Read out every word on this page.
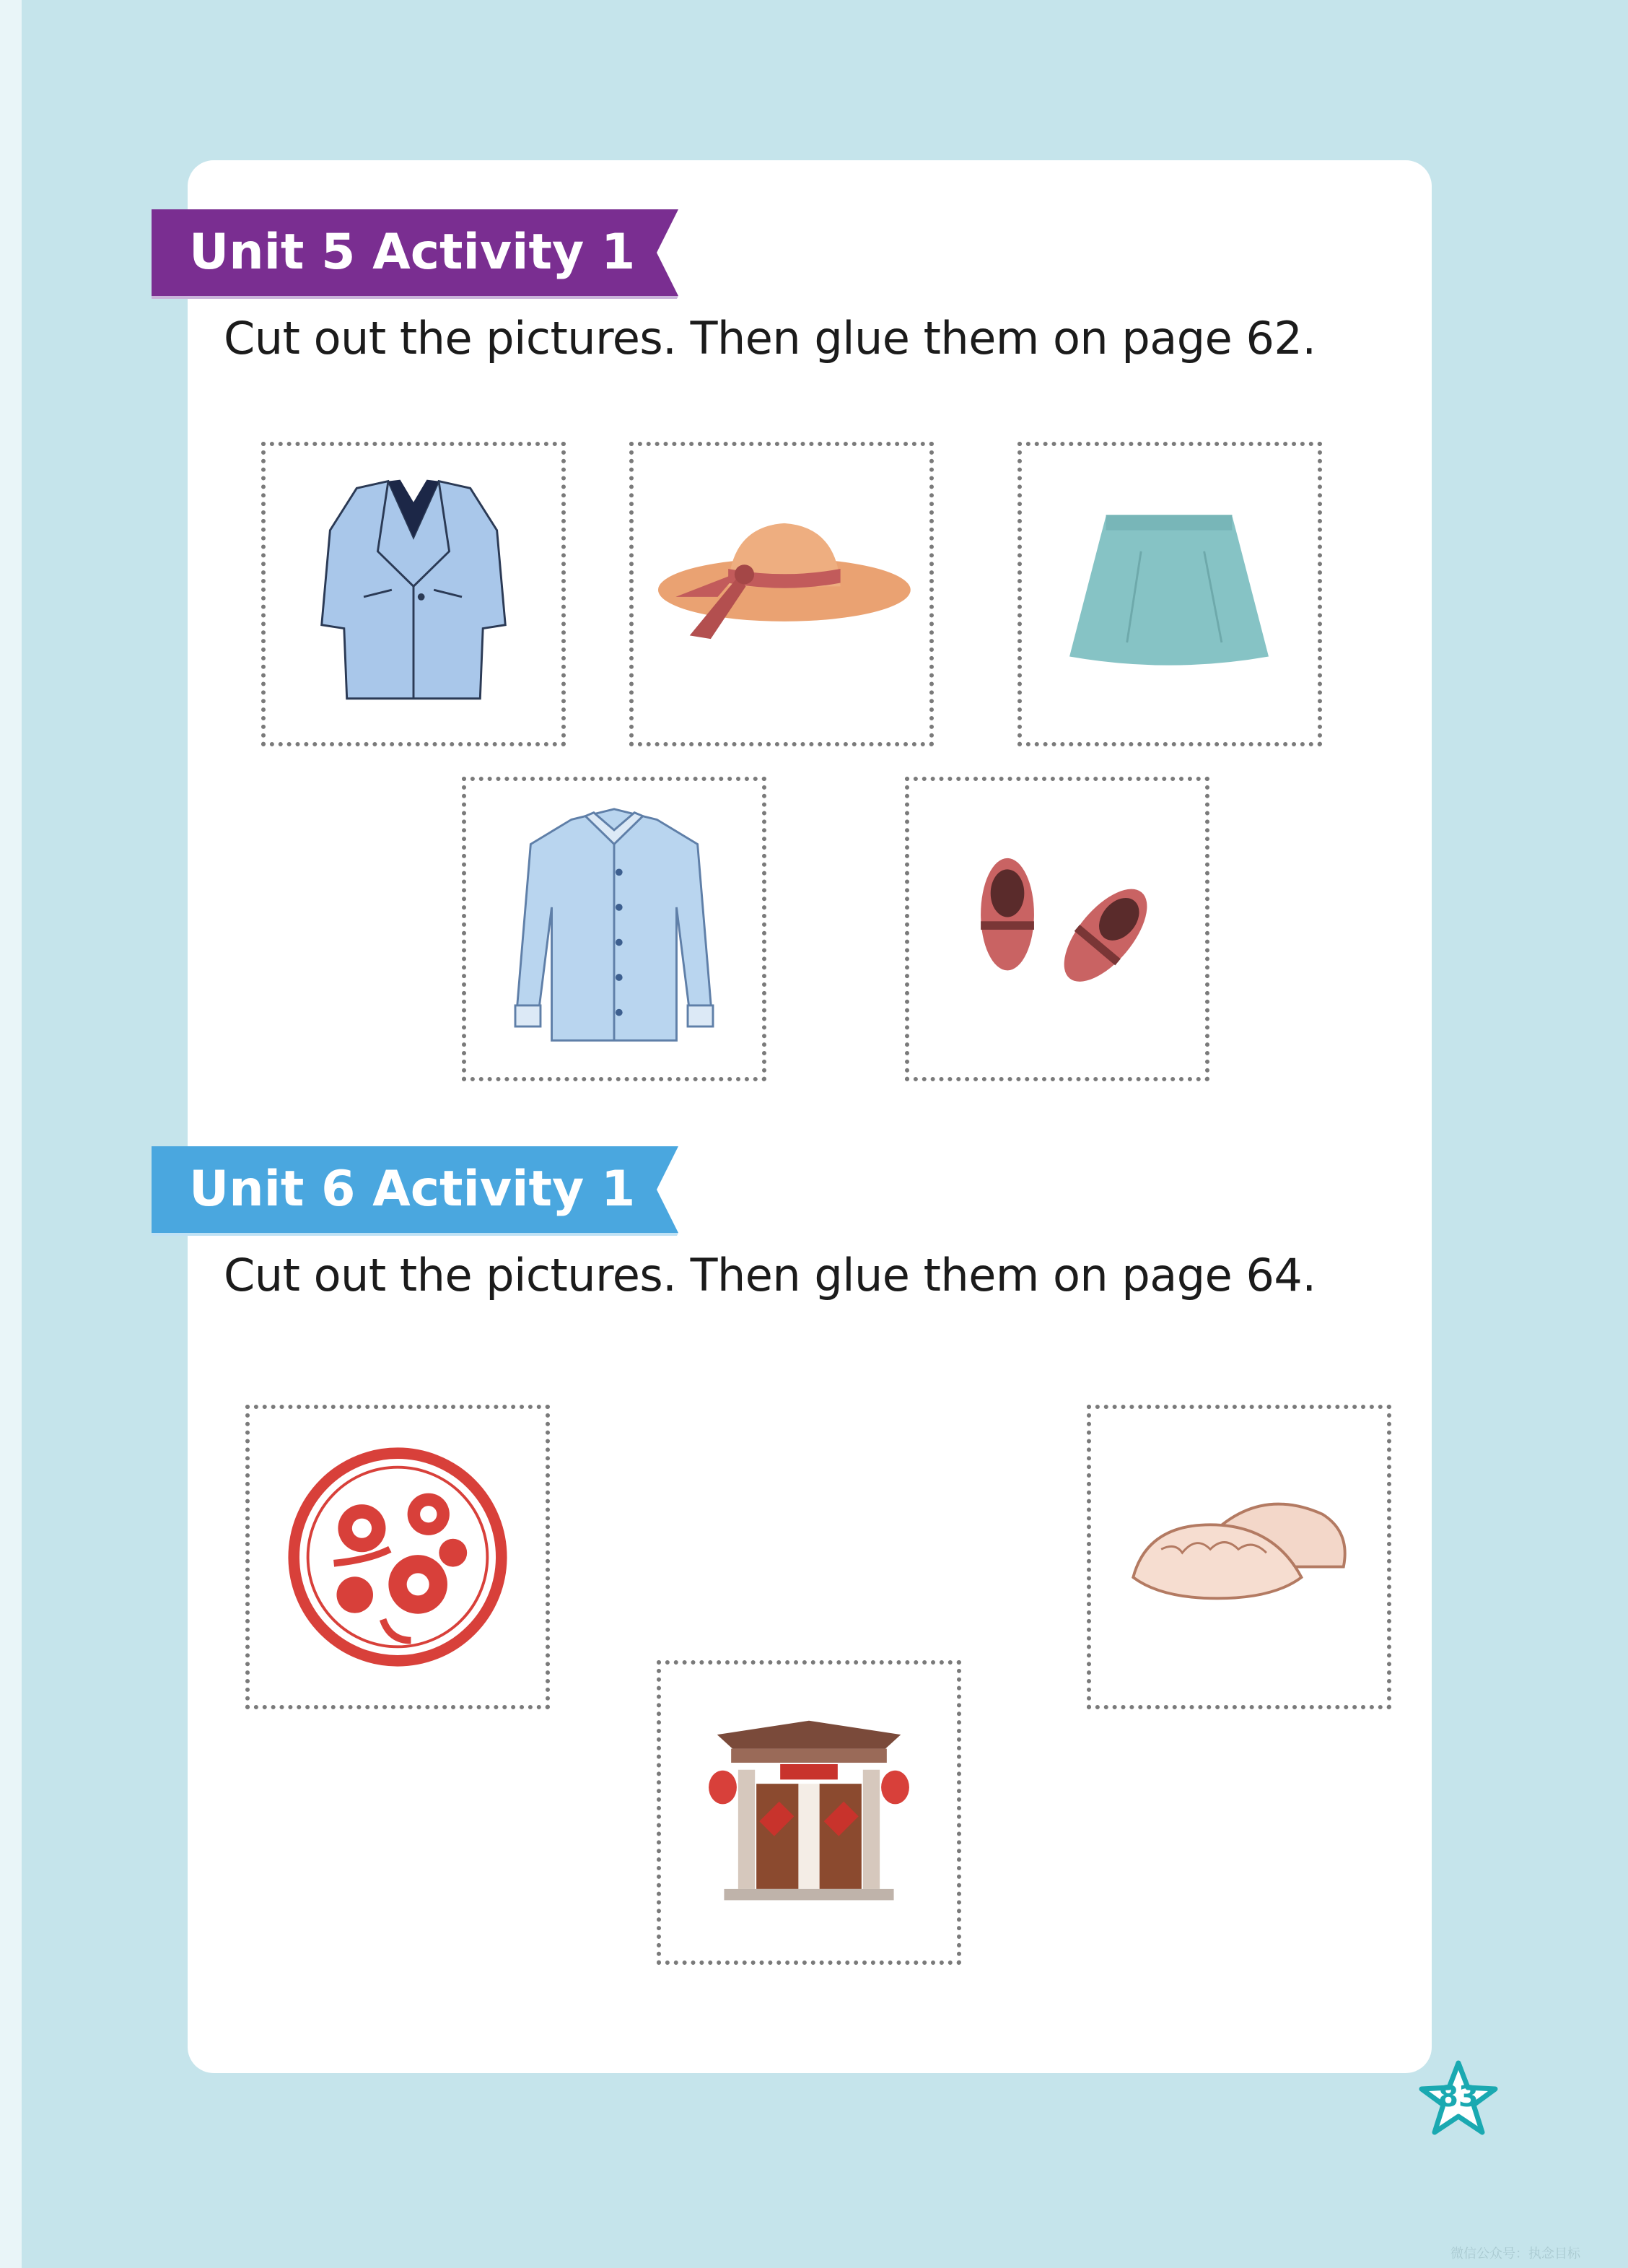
Unit 5 Activity 1
Cut out the pictures. Then glue them on page 62.
Unit 6 Activity 1
Cut out the pictures. Then glue them on page 64.
83
微信公众号：执念目标
